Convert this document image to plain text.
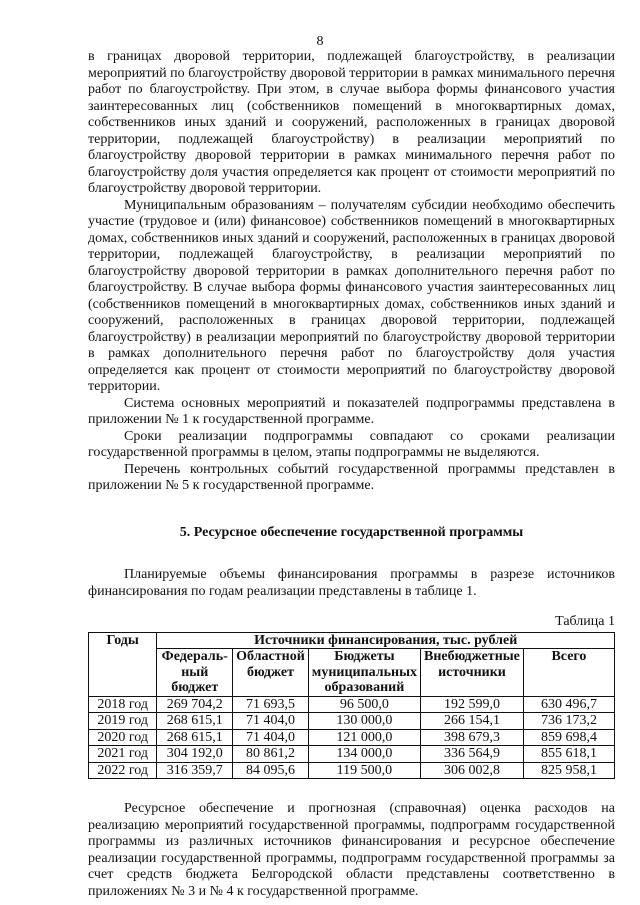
8

в границах дворовой территории, подлежащей благоустройству, в реализации мероприятий по благоустройству дворовой территории в рамках минимального перечня работ по благоустройству. При этом, в случае выбора формы финансового участия заинтересованных лиц (собственников помещений в многоквартирных домах, собственников иных зданий и сооружений, расположенных в границах дворовой территории, подлежащей благоустройству) в реализации мероприятий по благоустройству дворовой территории в рамках минимального перечня работ по благоустройству доля участия определяется как процент от стоимости мероприятий по благоустройству дворовой территории.

Муниципальным образованиям – получателям субсидии необходимо обеспечить участие (трудовое и (или) финансовое) собственников помещений в многоквартирных домах, собственников иных зданий и сооружений, расположенных в границах дворовой территории, подлежащей благоустройству, в реализации мероприятий по благоустройству дворовой территории в рамках дополнительного перечня работ по благоустройству. В случае выбора формы финансового участия заинтересованных лиц (собственников помещений в многоквартирных домах, собственников иных зданий и сооружений, расположенных в границах дворовой территории, подлежащей благоустройству) в реализации мероприятий по благоустройству дворовой территории в рамках дополнительного перечня работ по благоустройству доля участия определяется как процент от стоимости мероприятий по благоустройству дворовой территории.

Система основных мероприятий и показателей подпрограммы представлена в приложении № 1 к государственной программе.

Сроки реализации подпрограммы совпадают со сроками реализации государственной программы в целом, этапы подпрограммы не выделяются.

Перечень контрольных событий государственной программы представлен в приложении № 5 к государственной программе.

5. Ресурсное обеспечение государственной программы

Планируемые объемы финансирования программы в разрезе источников финансирования по годам реализации представлены в таблице 1.

Таблица 1
Годы	Источники финансирования, тыс. рублей				
	Федераль-ный бюджет	Областной бюджет	Бюджеты муниципальных образований	Внебюджетные источники	Всего
2018 год	269 704,2	71 693,5	96 500,0	192 599,0	630 496,7
2019 год	268 615,1	71 404,0	130 000,0	266 154,1	736 173,2
2020 год	268 615,1	71 404,0	121 000,0	398 679,3	859 698,4
2021 год	304 192,0	80 861,2	134 000,0	336 564,9	855 618,1
2022 год	316 359,7	84 095,6	119 500,0	306 002,8	825 958,1

Ресурсное обеспечение и прогнозная (справочная) оценка расходов на реализацию мероприятий государственной программы, подпрограмм государственной программы из различных источников финансирования и ресурсное обеспечение реализации государственной программы, подпрограмм государственной программы за счет средств бюджета Белгородской области представлены соответственно в приложениях № 3 и № 4 к государственной программе.
